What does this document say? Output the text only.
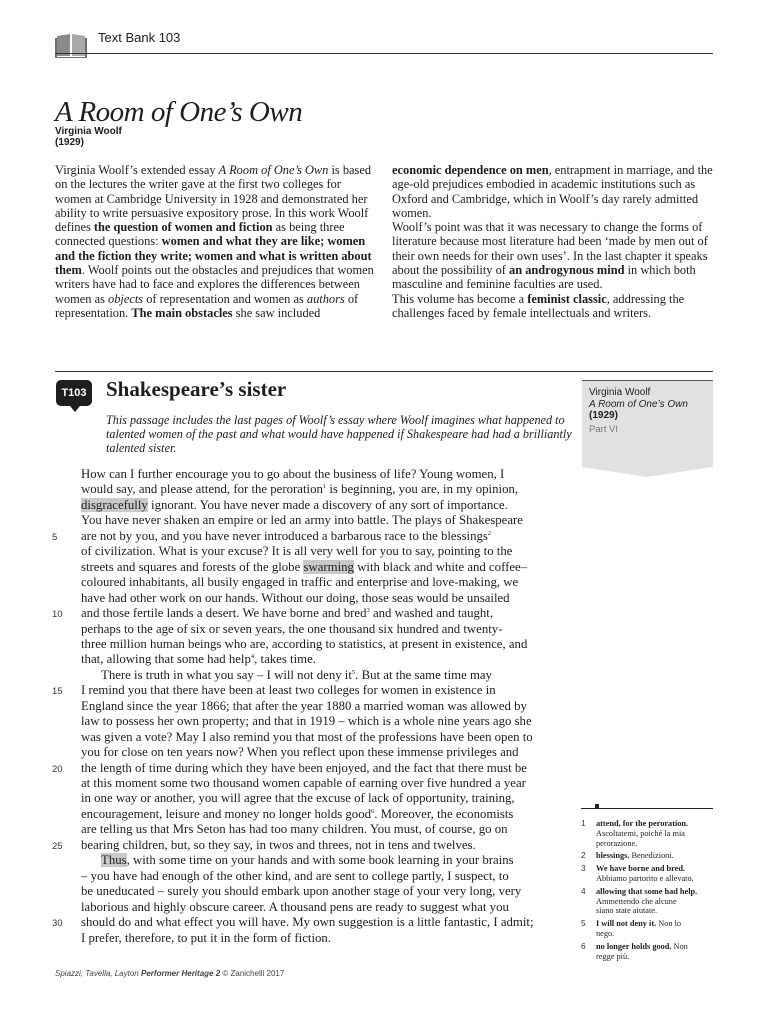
Text Bank 103
A Room of One’s Own
Virginia Woolf
(1929)

Virginia Woolf’s extended essay A Room of One’s Own is based on the lectures the writer gave at the first two colleges for women at Cambridge University in 1928 and demonstrated her ability to write persuasive expository prose. In this work Woolf defines the question of women and fiction as being three connected questions: women and what they are like; women and the fiction they write; women and what is written about them. Woolf points out the obstacles and prejudices that women writers have had to face and explores the differences between women as objects of representation and women as authors of representation. The main obstacles she saw included

economic dependence on men, entrapment in marriage, and the age-old prejudices embodied in academic institutions such as Oxford and Cambridge, which in Woolf’s day rarely admitted women.

Woolf’s point was that it was necessary to change the forms of literature because most literature had been ‘made by men out of their own needs for their own uses’. In the last chapter it speaks about the possibility of an androgynous mind in which both masculine and feminine faculties are used.

This volume has become a feminist classic, addressing the challenges faced by female intellectuals and writers.

T103 Shakespeare’s sister

This passage includes the last pages of Woolf’s essay where Woolf imagines what happened to talented women of the past and what would have happened if Shakespeare had had a brilliantly talented sister.

Virginia Woolf
A Room of One’s Own
(1929)
Part VI
How can I further encourage you to go about the business of life? Young women, I
would say, and please attend, for the peroration$^1$ is beginning, you are, in my opinion,
disgracefully ignorant. You have never made a discovery of any sort of importance.
You have never shaken an empire or led an army into battle. The plays of Shakespeare
are not by you, and you have never introduced a barbarous race to the blessings$^2$
5
of civilization. What is your excuse? It is all very well for you to say, pointing to the
streets and squares and forests of the globe swarming with black and white and coffee–
coloured inhabitants, all busily engaged in traffic and enterprise and love-making, we
have had other work on our hands. Without our doing, those seas would be unsailed
and those fertile lands a desert. We have borne and bred$^3$ and washed and taught,
10
perhaps to the age of six or seven years, the one thousand six hundred and twenty-
three million human beings who are, according to statistics, at present in existence, and
that, allowing that some had help$^4$, takes time.
There is truth in what you say – I will not deny $it^5$. But at the same time may
I remind you that there have been at least two colleges for women in existence in
15
England since the year 1866; that after the year 1880 a married woman was allowed by
law to possess her own property; and that in 1919 – which is a whole nine years ago she
was given a vote? May I also remind you that most of the professions have been open to
you for close on ten years now? When you reflect upon these immense privileges and
the length of time during which they have been enjoyed, and the fact that there must be
20
at this moment some two thousand women capable of earning over five hundred a year
in one way or another, you will agree that the excuse of lack of opportunity, training,
encouragement, leisure and money no longer holds good$^6$. Moreover, the economists
are telling us that Mrs Seton has had too many children. You must, of course, go on
bearing children, but, so they say, in twos and threes, not in tens and twelves.
25
Thus, with some time on your hands and with some book learning in your brains
– you have had enough of the other kind, and are sent to college partly, I suspect, to
be uneducated – surely you should embark upon another stage of your very long, very
laborious and highly obscure career. A thousand pens are ready to suggest what you
should do and what effect you will have. My own suggestion is a little fantastic, I admit;
30
I prefer, therefore, to put it in the form of fiction.
1 attend, for the peroration.
Ascoltatemi, poiché la mia
perorazione.
2 blessings. Benedizioni.
3 We have borne and bred.
Abbiamo partorito e allevato.
4 allowing that some had help.
Ammettendo che alcune
siano state aiutate.
5 I will not deny it. Non lo
nego.
6 no longer holds good. Non
regge più.
Spiazzi, Tavella, Layton Performer Heritage 2 © Zanichelli 2017
